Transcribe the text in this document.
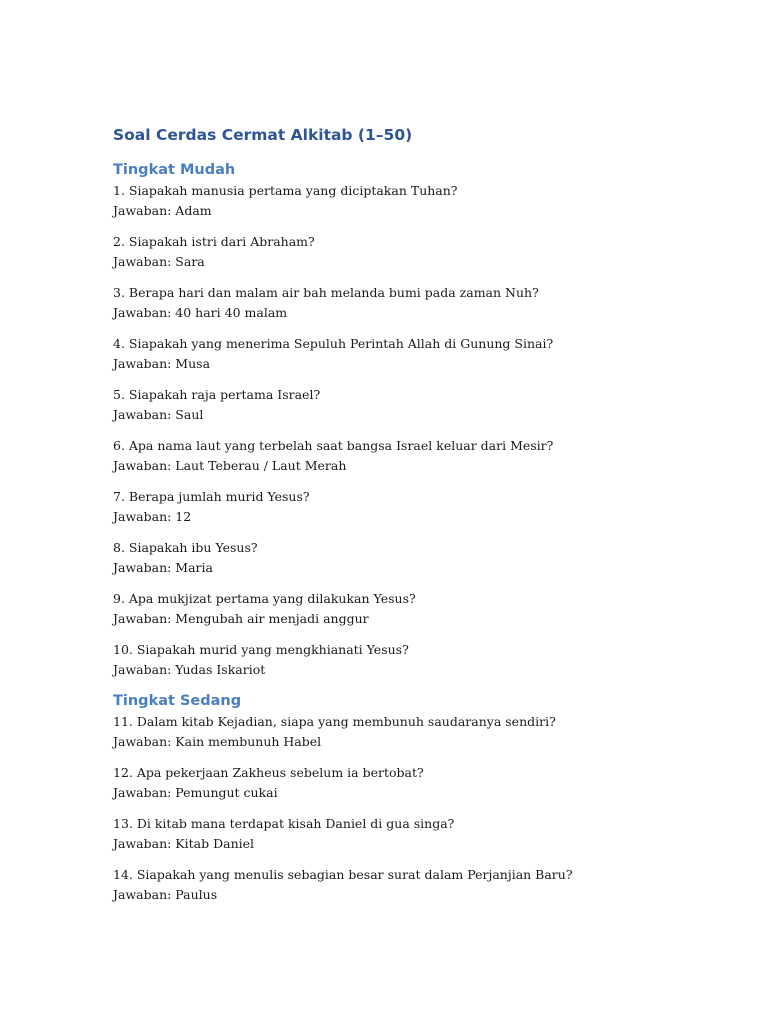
Soal Cerdas Cermat Alkitab (1–50)
Tingkat Mudah
1. Siapakah manusia pertama yang diciptakan Tuhan?
Jawaban: Adam
2. Siapakah istri dari Abraham?
Jawaban: Sara
3. Berapa hari dan malam air bah melanda bumi pada zaman Nuh?
Jawaban: 40 hari 40 malam
4. Siapakah yang menerima Sepuluh Perintah Allah di Gunung Sinai?
Jawaban: Musa
5. Siapakah raja pertama Israel?
Jawaban: Saul
6. Apa nama laut yang terbelah saat bangsa Israel keluar dari Mesir?
Jawaban: Laut Teberau / Laut Merah
7. Berapa jumlah murid Yesus?
Jawaban: 12
8. Siapakah ibu Yesus?
Jawaban: Maria
9. Apa mukjizat pertama yang dilakukan Yesus?
Jawaban: Mengubah air menjadi anggur
10. Siapakah murid yang mengkhianati Yesus?
Jawaban: Yudas Iskariot
Tingkat Sedang
11. Dalam kitab Kejadian, siapa yang membunuh saudaranya sendiri?
Jawaban: Kain membunuh Habel
12. Apa pekerjaan Zakheus sebelum ia bertobat?
Jawaban: Pemungut cukai
13. Di kitab mana terdapat kisah Daniel di gua singa?
Jawaban: Kitab Daniel
14. Siapakah yang menulis sebagian besar surat dalam Perjanjian Baru?
Jawaban: Paulus
